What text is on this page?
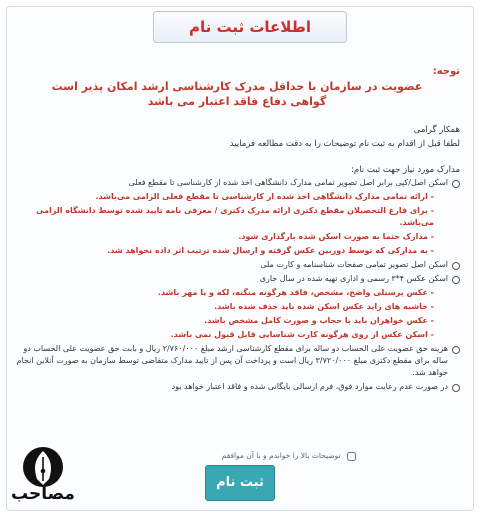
اطلاعات ثبت نام
توجه:
عضویت در سازمان با حداقل مدرک کارشناسی ارشد امکان پذیر است
گواهی دفاع فاقد اعتبار می باشد
همکار گرامی
لطفا قبل از اقدام به ثبت نام توضیحات را به دقت مطالعه فرمایید
مدارک مورد نیاز جهت ثبت نام:
اسکن اصل/کپی برابر اصل تصویر تمامی مدارک دانشگاهی اخذ شده از کارشناسی تا مقطع فعلی
- ارائه تمامی مدارک دانشگاهی اخذ شده از کارشناسی تا مقطع فعلی الزامی می‌باشد.
- برای فارغ التحصیلان مقطع دکتری ارائه مدرک دکتری / معرفی نامه تایید شده توسط دانشگاه الزامی می‌باشد.
- مدارک حتما به صورت اسکن شده بارگذاری شود.
- به مدارکی که توسط دوربین عکس گرفته و ارسال شده ترتیب اثر داده نخواهد شد.
اسکن اصل تصویر تمامی صفحات شناسنامه و کارت ملی
اسکن عکس ۴*۳ رسمی و اداری تهیه شده در سال جاری
- عکس پرسنلی واضح، مشخص، فاقد هرگونه منگنه، لکه و یا مهر باشد.
- حاشیه های زاید عکس اسکن شده باید حذف شده باشد.
- عکس خواهران باید با حجاب و صورت کامل مشخص باشد.
- اسکن عکس از روی هرگونه کارت شناسایی قابل قبول نمی باشد.
هزینه حق عضویت علی الحساب دو ساله برای مقطع کارشناسی ارشد مبلغ ۲/۷۶۰/۰۰۰ ریال و بابت حق عضویت علی الحساب دو ساله برای مقطع دکتری مبلغ ۳/۷۲۰/۰۰۰ ریال است و پرداخت آن پس از تایید مدارک متقاضی توسط سازمان به صورت آنلاین انجام خواهد شد.
در صورت عدم رعایت موارد فوق، فرم ارسالی بایگانی شده و فاقد اعتبار خواهد بود
توضیحات بالا را خواندم و با آن موافقم
ثبت نام
مصاحب
